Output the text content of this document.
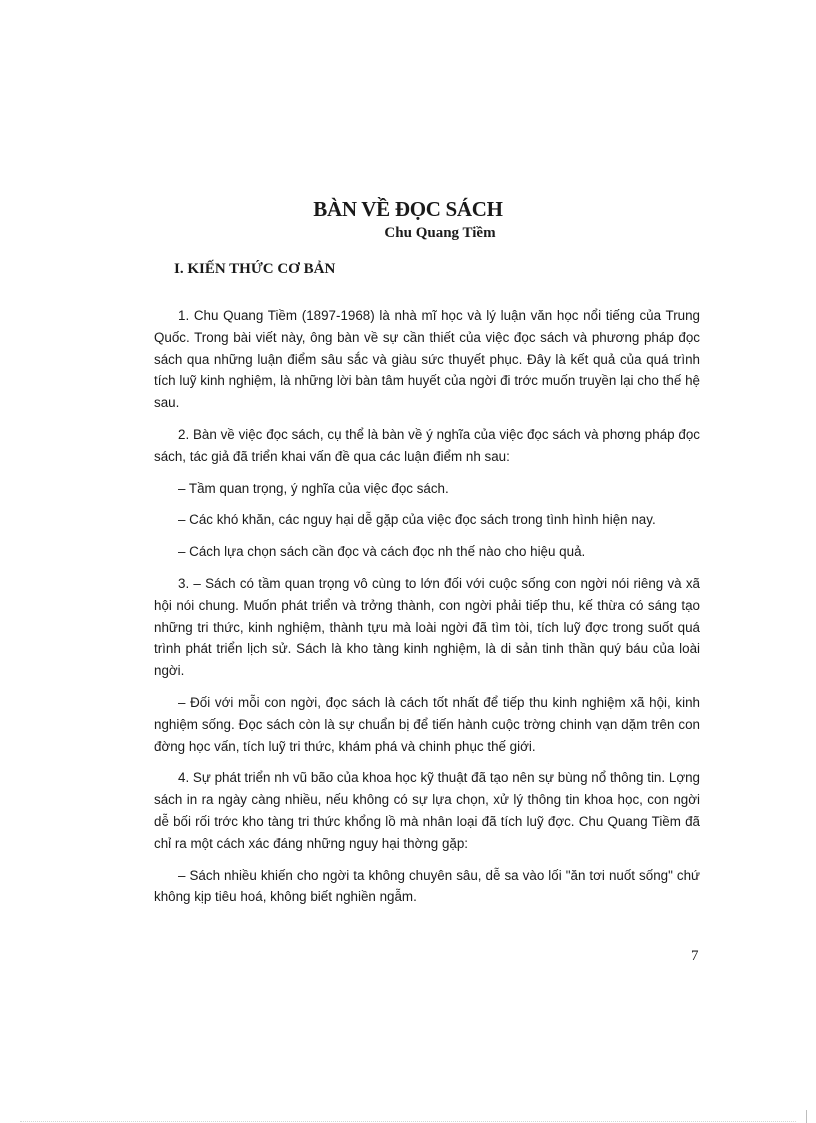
BÀN VỀ ĐỌC SÁCH
Chu Quang Tiềm
I. KIẾN THỨC CƠ BẢN

1. Chu Quang Tiềm (1897-1968) là nhà mĩ học và lý luận văn học nổi tiếng của Trung Quốc. Trong bài viết này, ông bàn về sự cần thiết của việc đọc sách và phương pháp đọc sách qua những luận điểm sâu sắc và giàu sức thuyết phục. Đây là kết quả của quá trình tích luỹ kinh nghiệm, là những lời bàn tâm huyết của ngời đi trớc muốn truyền lại cho thế hệ sau.

2. Bàn về việc đọc sách, cụ thể là bàn về ý nghĩa của việc đọc sách và phơng pháp đọc sách, tác giả đã triển khai vấn đề qua các luận điểm nh sau:

‒ Tầm quan trọng, ý nghĩa của việc đọc sách.

‒ Các khó khăn, các nguy hại dễ gặp của việc đọc sách trong tình hình hiện nay.

‒ Cách lựa chọn sách cần đọc và cách đọc nh thế nào cho hiệu quả.

3. ‒ Sách có tầm quan trọng vô cùng to lớn đối với cuộc sống con ngời nói riêng và xã hội nói chung. Muốn phát triển và trởng thành, con ngời phải tiếp thu, kế thừa có sáng tạo những tri thức, kinh nghiệm, thành tựu mà loài ngời đã tìm tòi, tích luỹ đợc trong suốt quá trình phát triển lịch sử. Sách là kho tàng kinh nghiệm, là di sản tinh thần quý báu của loài ngời.

‒ Đối với mỗi con ngời, đọc sách là cách tốt nhất để tiếp thu kinh nghiệm xã hội, kinh nghiệm sống. Đọc sách còn là sự chuẩn bị để tiến hành cuộc trờng chinh vạn dặm trên con đờng học vấn, tích luỹ tri thức, khám phá và chinh phục thế giới.

4. Sự phát triển nh vũ bão của khoa học kỹ thuật đã tạo nên sự bùng nổ thông tin. Lợng sách in ra ngày càng nhiều, nếu không có sự lựa chọn, xử lý thông tin khoa học, con ngời dễ bối rối trớc kho tàng tri thức khổng lồ mà nhân loại đã tích luỹ đợc. Chu Quang Tiềm đã chỉ ra một cách xác đáng những nguy hại thờng gặp:

‒ Sách nhiều khiến cho ngời ta không chuyên sâu, dễ sa vào lối "ăn tơi nuốt sống" chứ không kịp tiêu hoá, không biết nghiền ngẫm.

7
